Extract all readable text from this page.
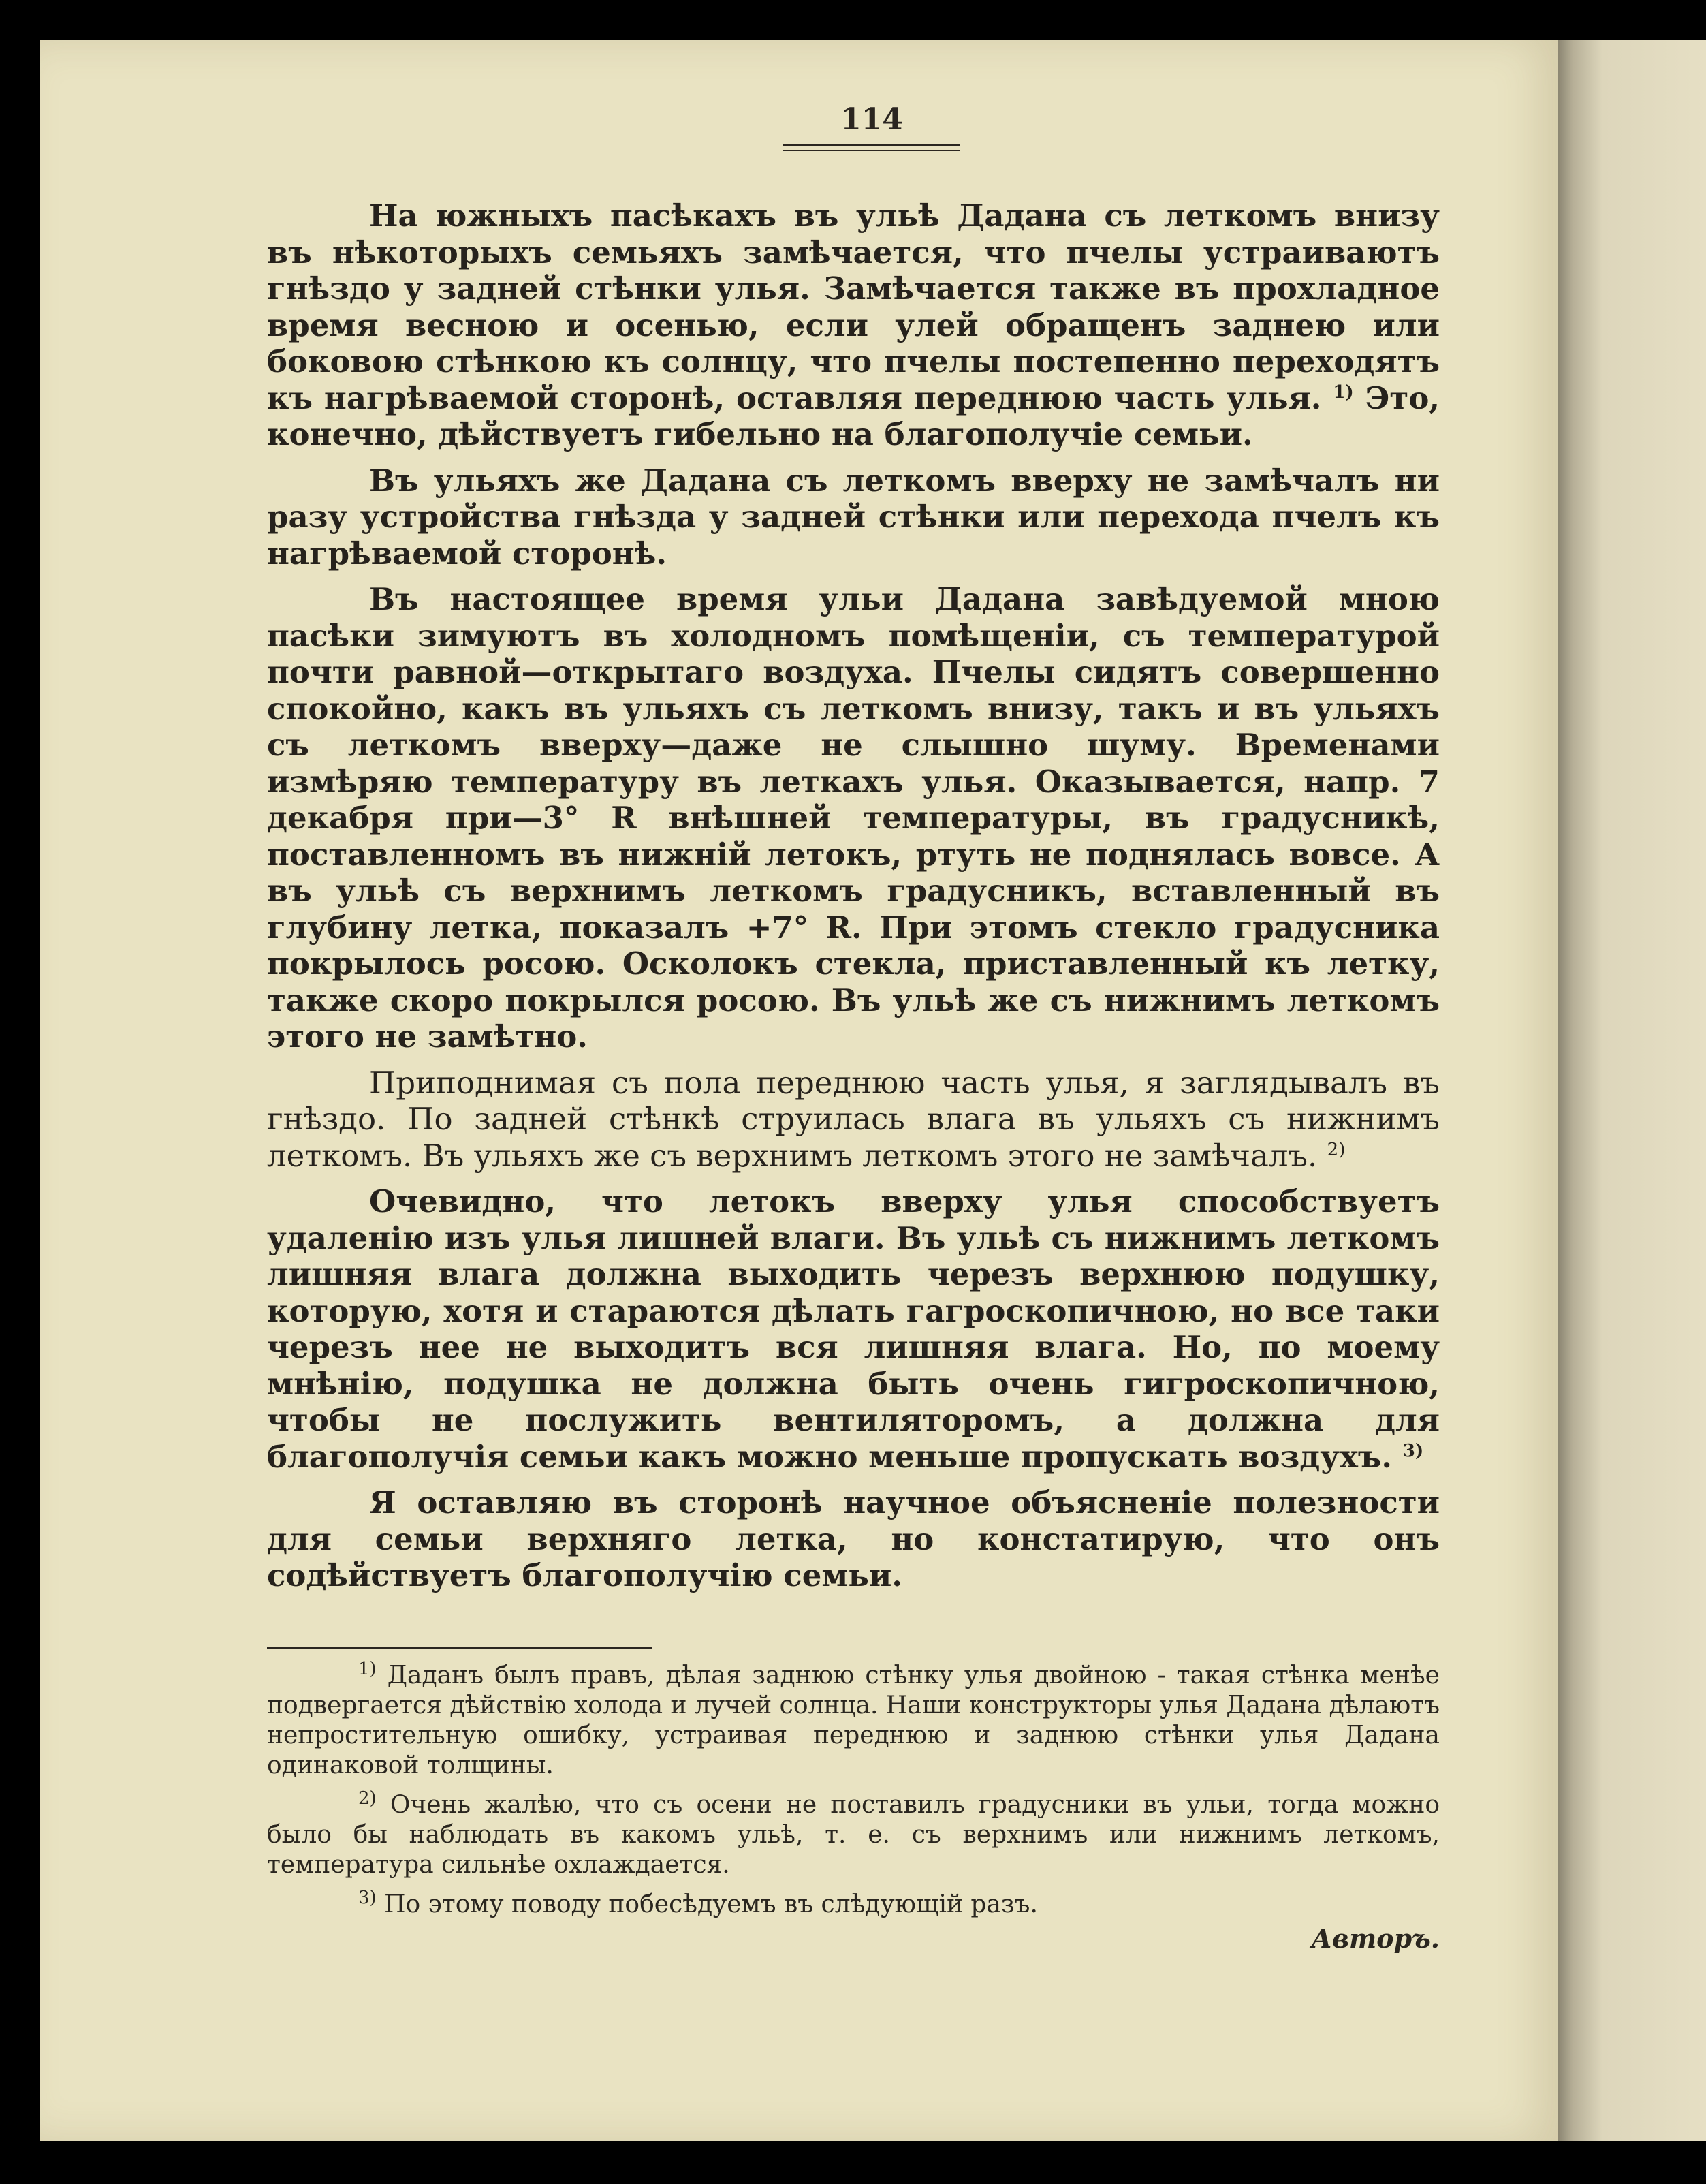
114

На южныхъ пасѣкахъ въ ульѣ Дадана съ леткомъ внизу въ нѣкоторыхъ семьяхъ замѣчается, что пчелы устраиваютъ гнѣздо у задней стѣнки улья. Замѣчается также въ прохладное время весною и осенью, если улей обращенъ заднею или боковою стѣнкою къ солнцу, что пчелы постепенно переходятъ къ нагрѣваемой сторонѣ, оставляя переднюю часть улья. $^{1)}$ Это, конечно, дѣйствуетъ гибельно на благополучіе семьи.

Въ ульяхъ же Дадана съ леткомъ вверху не замѣчалъ ни разу устройства гнѣзда у задней стѣнки или перехода пчелъ къ нагрѣваемой сторонѣ.

Въ настоящее время ульи Дадана завѣдуемой мною пасѣки зимуютъ въ холодномъ помѣщеніи, съ температурой почти равной—открытаго воздуха. Пчелы сидятъ совершенно спокойно, какъ въ ульяхъ съ леткомъ внизу, такъ и въ ульяхъ съ леткомъ вверху—даже не слышно шуму. Временами измѣряю температуру въ леткахъ улья. Оказывается, напр. 7 декабря при—3° R внѣшней температуры, въ градусникѣ, поставленномъ въ нижній летокъ, ртуть не поднялась вовсе. А въ ульѣ съ верхнимъ леткомъ градусникъ, вставленный въ глубину летка, показалъ +7° R. При этомъ стекло градусника покрылось росою. Осколокъ стекла, приставленный къ летку, также скоро покрылся росою. Въ ульѣ же съ нижнимъ леткомъ этого не замѣтно.

Приподнимая съ пола переднюю часть улья, я заглядывалъ въ гнѣздо. По задней стѣнкѣ струилась влага въ ульяхъ съ нижнимъ леткомъ. Въ ульяхъ же съ верхнимъ леткомъ этого не замѣчалъ. $^{2)}$

Очевидно, что летокъ вверху улья способствуетъ удаленію изъ улья лишней влаги. Въ ульѣ съ нижнимъ леткомъ лишняя влага должна выходить черезъ верхнюю подушку, которую, хотя и стараются дѣлать гагроскопичною, но все таки черезъ нее не выходитъ вся лишняя влага. Но, по моему мнѣнію, подушка не должна быть очень гигроскопичною, чтобы не послужить вентиляторомъ, а должна для благополучія семьи какъ можно меньше пропускать воздухъ. $^{3)}$

Я оставляю въ сторонѣ научное объясненіе полезности для семьи верхняго летка, но констатирую, что онъ содѣйствуетъ благополучію семьи.

$^{1)}$ Даданъ былъ правъ, дѣлая заднюю стѣнку улья двойною - такая стѣнка менѣе подвергается дѣйствію холода и лучей солнца. Наши конструкторы улья Дадана дѣлаютъ непростительную ошибку, устраивая переднюю и заднюю стѣнки улья Дадана одинаковой толщины.

$^{2)}$ Очень жалѣю, что съ осени не поставилъ градусники въ ульи, тогда можно было бы наблюдать въ какомъ ульѣ, т. е. съ верхнимъ или нижнимъ леткомъ, темпeратура сильнѣе охлаждается.

$^{3)}$ По этому поводу побесѣдуемъ въ слѣдующій разъ.

Авторъ.
